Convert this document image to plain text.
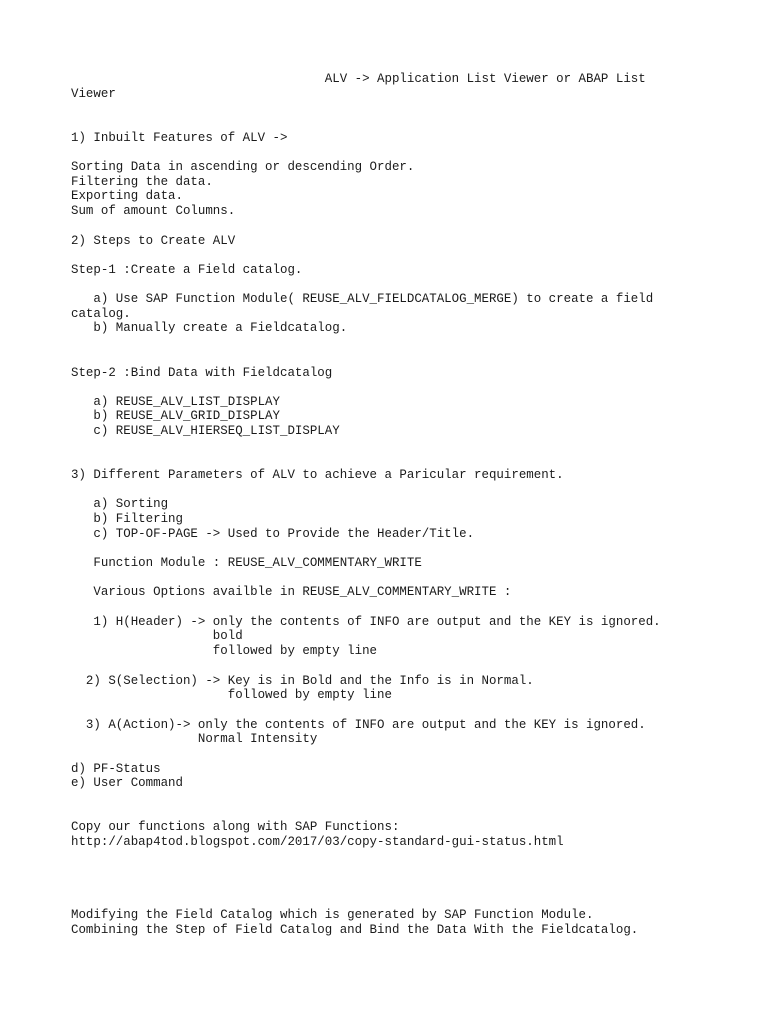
ALV -> Application List Viewer or ABAP List

Viewer

1) Inbuilt Features of ALV ->

Sorting Data in ascending or descending Order.

Filtering the data.

Exporting data.

Sum of amount Columns.

2) Steps to Create ALV

Step-1 :Create a Field catalog.

a) Use SAP Function Module( REUSE_ALV_FIELDCATALOG_MERGE) to create a field

catalog.

b) Manually create a Fieldcatalog.

Step-2 :Bind Data with Fieldcatalog

a) REUSE_ALV_LIST_DISPLAY

b) REUSE_ALV_GRID_DISPLAY

c) REUSE_ALV_HIERSEQ_LIST_DISPLAY

3) Different Parameters of ALV to achieve a Paricular requirement.

a) Sorting

b) Filtering

c) TOP-OF-PAGE -> Used to Provide the Header/Title.

Function Module : REUSE_ALV_COMMENTARY_WRITE

Various Options availble in REUSE_ALV_COMMENTARY_WRITE :

1) H(Header) -> only the contents of INFO are output and the KEY is ignored.

bold

followed by empty line

2) S(Selection) -> Key is in Bold and the Info is in Normal.

followed by empty line

3) A(Action)-> only the contents of INFO are output and the KEY is ignored.

Normal Intensity

d) PF-Status

e) User Command

Copy our functions along with SAP Functions:

http://abap4tod.blogspot.com/2017/03/copy-standard-gui-status.html

Modifying the Field Catalog which is generated by SAP Function Module.

Combining the Step of Field Catalog and Bind the Data With the Fieldcatalog.
